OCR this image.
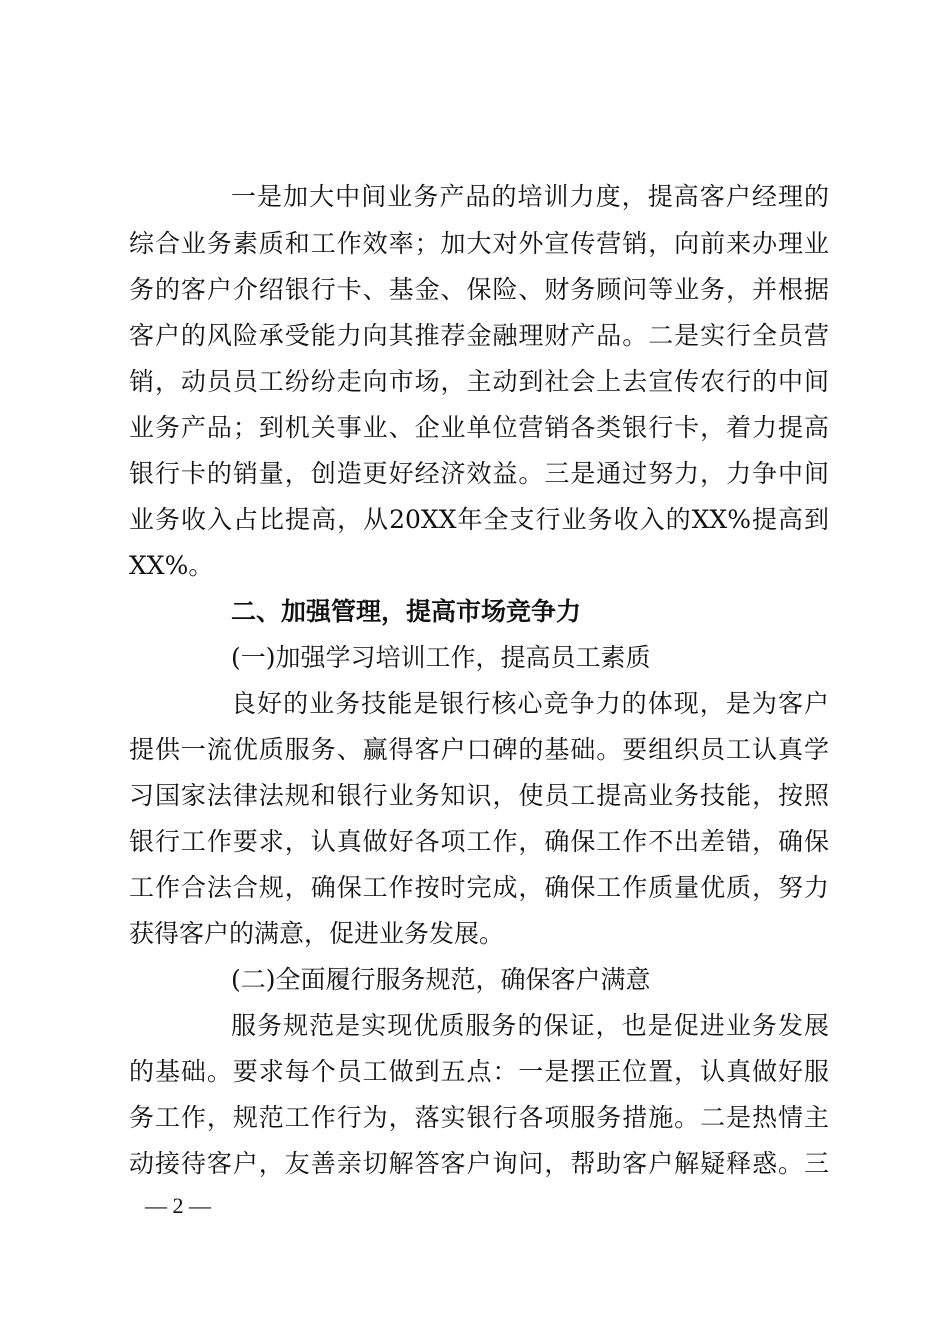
一是加大中间业务产品的培训力度，提高客户经理的
综合业务素质和工作效率；加大对外宣传营销，向前来办理业
务的客户介绍银行卡、基金、保险、财务顾问等业务，并根据
客户的风险承受能力向其推荐金融理财产品。二是实行全员营
销，动员员工纷纷走向市场，主动到社会上去宣传农行的中间
业务产品；到机关事业、企业单位营销各类银行卡，着力提高
银行卡的销量，创造更好经济效益。三是通过努力，力争中间
业务收入占比提高，从20XX年全支行业务收入的XX%提高到
XX%。
二、加强管理，提高市场竞争力
(一)加强学习培训工作，提高员工素质
良好的业务技能是银行核心竞争力的体现，是为客户
提供一流优质服务、赢得客户口碑的基础。要组织员工认真学
习国家法律法规和银行业务知识，使员工提高业务技能，按照
银行工作要求，认真做好各项工作，确保工作不出差错，确保
工作合法合规，确保工作按时完成，确保工作质量优质，努力
获得客户的满意，促进业务发展。
(二)全面履行服务规范，确保客户满意
服务规范是实现优质服务的保证，也是促进业务发展
的基础。要求每个员工做到五点：一是摆正位置，认真做好服
务工作，规范工作行为，落实银行各项服务措施。二是热情主
动接待客户，友善亲切解答客户询问，帮助客户解疑释惑。三
— 2 —
